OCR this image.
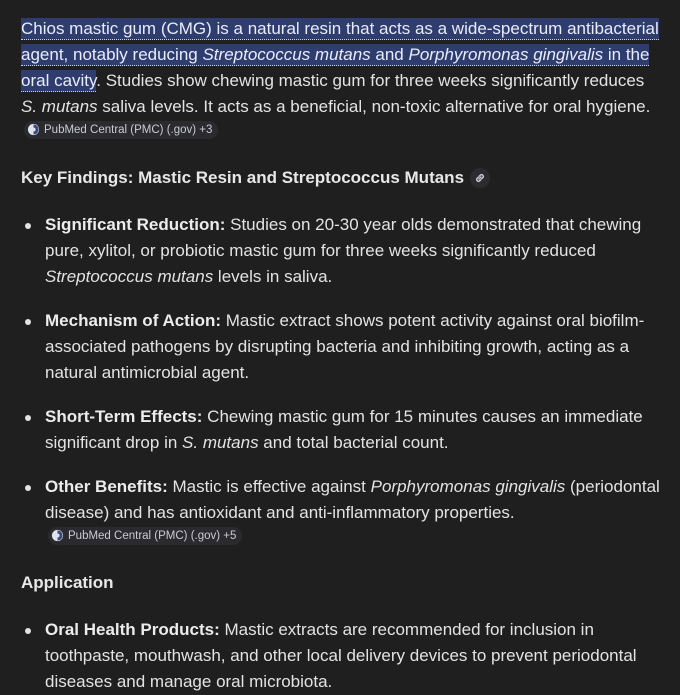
Chios mastic gum (CMG) is a natural resin that acts as a wide-spectrum antibacterial agent, notably reducing Streptococcus mutans and Porphyromonas gingivalis in the oral cavity. Studies show chewing mastic gum for three weeks significantly reduces S. mutans saliva levels. It acts as a beneficial, non-toxic alternative for oral hygiene.
PubMed Central (PMC) (.gov) +3

Key Findings: Mastic Resin and Streptococcus Mutans
Significant Reduction: Studies on 20-30 year olds demonstrated that chewing pure, xylitol, or probiotic mastic gum for three weeks significantly reduced Streptococcus mutans levels in saliva.
Mechanism of Action: Mastic extract shows potent activity against oral biofilm-associated pathogens by disrupting bacteria and inhibiting growth, acting as a natural antimicrobial agent.
Short-Term Effects: Chewing mastic gum for 15 minutes causes an immediate significant drop in S. mutans and total bacterial count.
Other Benefits: Mastic is effective against Porphyromonas gingivalis (periodontal disease) and has antioxidant and anti-inflammatory properties.
PubMed Central (PMC) (.gov) +5
Application
Oral Health Products: Mastic extracts are recommended for inclusion in toothpaste, mouthwash, and other local delivery devices to prevent periodontal diseases and manage oral microbiota.
